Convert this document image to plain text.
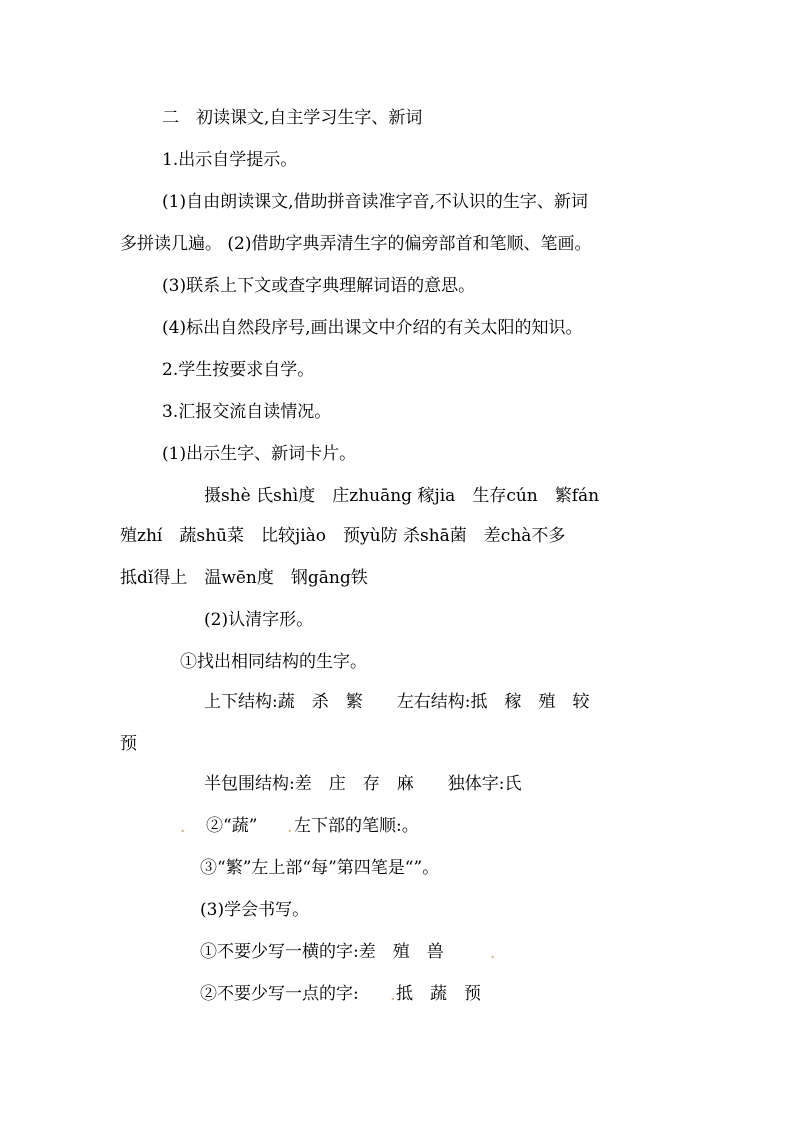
二　初读课文,自主学习生字、新词

1.出示自学提示。

(1)自由朗读课文,借助拼音读准字音,不认识的生字、新词

多拼读几遍。 (2)借助字典弄清生字的偏旁部首和笔顺、笔画。

(3)联系上下文或查字典理解词语的意思。

(4)标出自然段序号,画出课文中介绍的有关太阳的知识。

2.学生按要求自学。

3.汇报交流自读情况。

(1)出示生字、新词卡片。

摄shè 氏shì度　庄zhuāng 稼jia　生存cún　繁fán

殖zhí　蔬shū菜　比较jiào　预yù防 杀shā菌　差chà不多

抵dǐ得上　温wēn度　钢gāng铁

(2)认清字形。

①找出相同结构的生字。

上下结构:蔬　杀　繁　　左右结构:抵　稼　殖　较

预

半包围结构:差　庄　存　麻　　独体字:氏

. ②“蔬” . 左下部的笔顺:。

③“繁”左上部“每”第四笔是“”。

(3)学会书写。

①不要少写一横的字:差　殖　兽	.

②不要少写一点的字: . 抵　蔬　预
